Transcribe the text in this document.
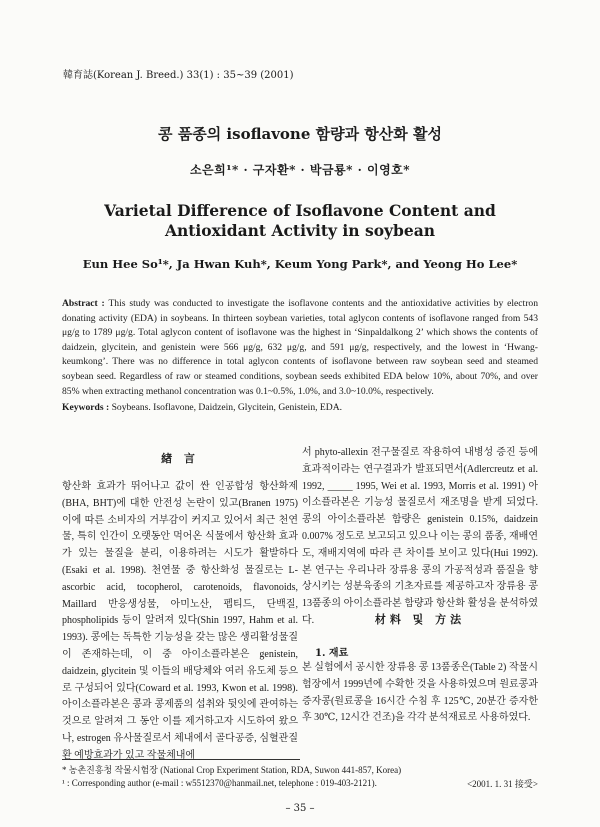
韓育誌(Korean J. Breed.) 33(1) : 35~39 (2001)
콩 품종의 isoflavone 함량과 항산화 활성
소은희¹* · 구자환* · 박금룡* · 이영호*
Varietal Difference of Isoflavone Content and
Antioxidant Activity in soybean
Eun Hee So¹*, Ja Hwan Kuh*, Keum Yong Park*, and Yeong Ho Lee*
Abstract : This study was conducted to investigate the isoflavone contents and the antioxidative activities by electron donating activity (EDA) in soybeans. In thirteen soybean varieties, total aglycon contents of isoflavone ranged from 543 μg/g to 1789 μg/g. Total aglycon content of isoflavone was the highest in ‘Sinpaldalkong 2’ which shows the contents of daidzein, glycitein, and genistein were 566 μg/g, 632 μg/g, and 591 μg/g, respectively, and the lowest in ‘Hwang-keumkong’. There was no difference in total aglycon contents of isoflavone between raw soybean seed and steamed soybean seed. Regardless of raw or steamed conditions, soybean seeds exhibited EDA below 10%, about 70%, and over 85% when extracting methanol concentration was 0.1~0.5%, 1.0%, and 3.0~10.0%, respectively.
Keywords : Soybeans. Isoflavone, Daidzein, Glycitein, Genistein, EDA.
緖 言
항산화 효과가 뛰어나고 값이 싼 인공합성 항산화제 (BHA, BHT)에 대한 안전성 논란이 있고(Branen 1975) 이에 따른 소비자의 거부감이 커지고 있어서 최근 천연물, 특히 인간이 오랫동안 먹어온 식물에서 항산화 효과가 있는 물질을 분리, 이용하려는 시도가 활발하다(Esaki et al. 1998). 천연물 중 항산화성 물질로는 L-ascorbic acid, tocopherol, carotenoids, flavonoids, Maillard 반응생성물, 아미노산, 펩티드, 단백질, phospholipids 등이 알려져 있다(Shin 1997, Hahm et al. 1993). 콩에는 독특한 기능성을 갖는 많은 생리활성물질이 존재하는데, 이 중 아이소플라본은 genistein, daidzein, glycitein 및 이들의 배당체와 여러 유도체 등으로 구성되어 있다(Coward et al. 1993, Kwon et al. 1998). 아이소플라본은 콩과 콩제품의 섭취와 뒷잇에 관여하는 것으로 알려져 그 동안 이를 제거하고자 시도하여 왔으나, estrogen 유사물질로서 체내에서 골다공증, 심혈관질환 예방효과가 있고 작물체내에
서 phyto-allexin 전구물질로 작용하여 내병성 증진 등에 효과적이라는 연구결과가 발표되면서(Adlercreutz et al. 1992, _____ 1995, Wei et al. 1993, Morris et al. 1991) 아이소플라본은 기능성 물질로서 재조명을 받게 되었다. 콩의 아이소플라본 함량은 genistein 0.15%, daidzein 0.007% 정도로 보고되고 있으나 이는 콩의 품종, 재배연도, 재배지역에 따라 큰 차이를 보이고 있다(Hui 1992). 본 연구는 우리나라 장류용 콩의 가공적성과 품질을 향상시키는 성분육종의 기초자료를 제공하고자 장류용 콩 13품종의 아이소플라본 함량과 항산화 활성을 분석하였다.	材料 및 方法
1. 재료
본 실험에서 공시한 장류용 콩 13품종은(Table 2) 작물시험장에서 1999년에 수확한 것을 사용하였으며 원료콩과 증자콩(원료콩을 16시간 수침 후 125℃, 20분간 증자한 후 30℃, 12시간 건조)을 각각 분석재료로 사용하였다.
* 농촌진흥청 작물시험장 (National Crop Experiment Station, RDA, Suwon 441-857, Korea)
¹ : Corresponding author (e-mail : w5512370@hanmail.net, telephone : 019-403-2121).	<2001. 1. 31 接受>
– 35 –
